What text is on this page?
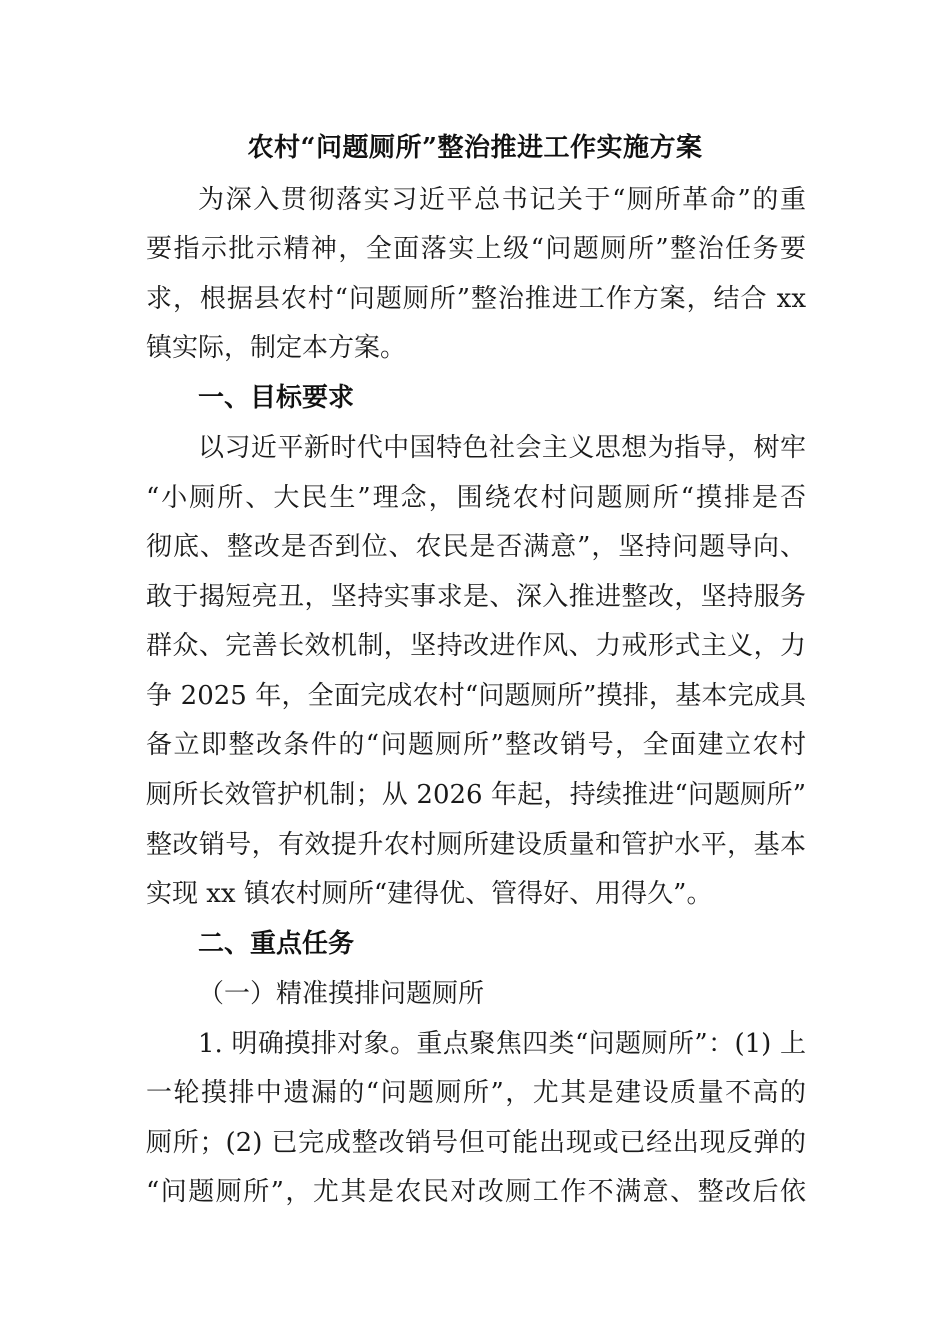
农村“问题厕所”整治推进工作实施方案
为深入贯彻落实习近平总书记关于“厕所革命”的重
要指示批示精神，全面落实上级“问题厕所”整治任务要
求，根据县农村“问题厕所”整治推进工作方案，结合 xx
镇实际，制定本方案。
一、目标要求
以习近平新时代中国特色社会主义思想为指导，树牢
“小厕所、大民生”理念，围绕农村问题厕所“摸排是否
彻底、整改是否到位、农民是否满意”，坚持问题导向、
敢于揭短亮丑，坚持实事求是、深入推进整改，坚持服务
群众、完善长效机制，坚持改进作风、力戒形式主义，力
争 2025 年，全面完成农村“问题厕所”摸排，基本完成具
备立即整改条件的“问题厕所”整改销号，全面建立农村
厕所长效管护机制；从 2026 年起，持续推进“问题厕所”
整改销号，有效提升农村厕所建设质量和管护水平，基本
实现 xx 镇农村厕所“建得优、管得好、用得久”。
二、重点任务
（一）精准摸排问题厕所
1. 明确摸排对象。重点聚焦四类“问题厕所”：(1) 上
一轮摸排中遗漏的“问题厕所”，尤其是建设质量不高的
厕所；(2) 已完成整改销号但可能出现或已经出现反弹的
“问题厕所”，尤其是农民对改厕工作不满意、整改后依
